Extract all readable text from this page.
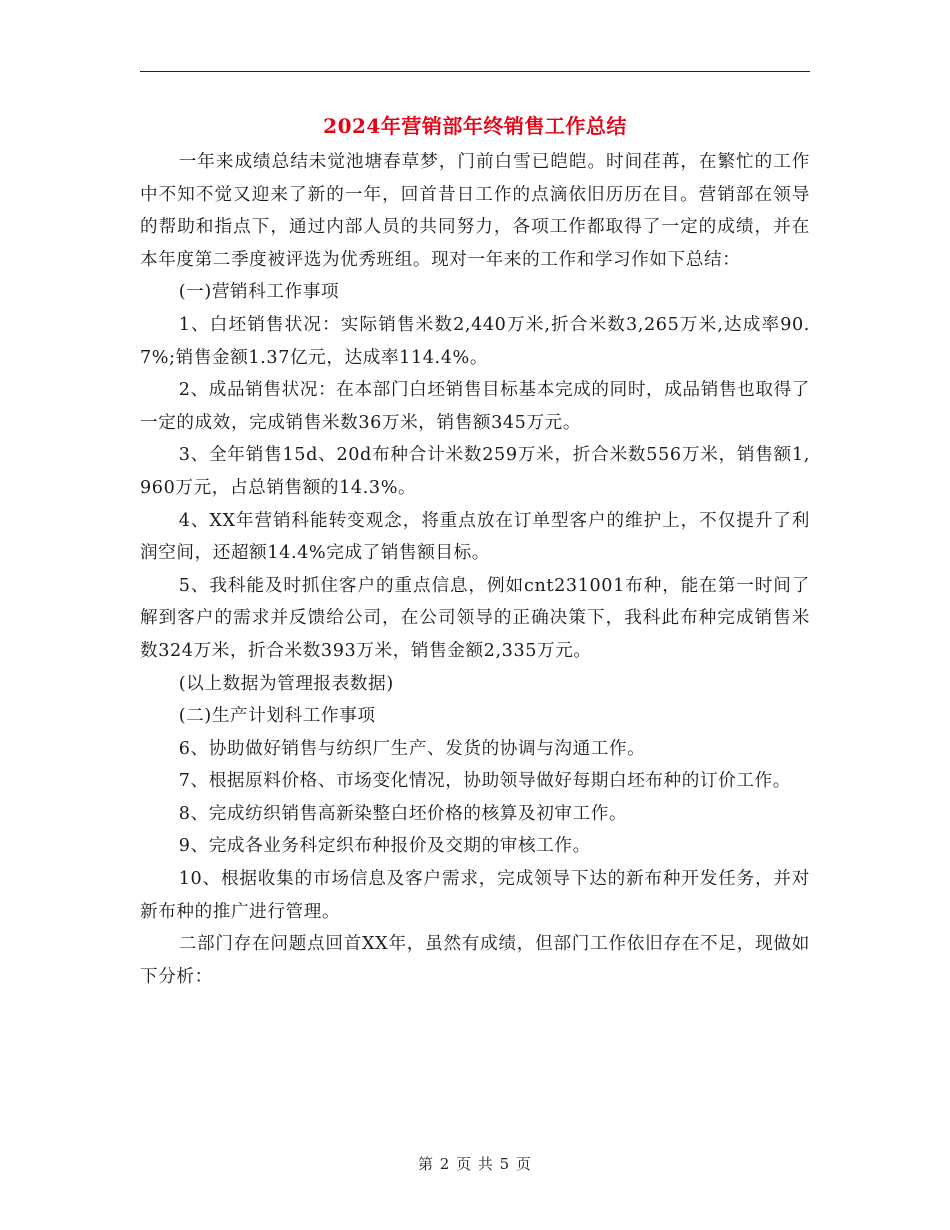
2024年营销部年终销售工作总结

一年来成绩总结未觉池塘春草梦，门前白雪已皑皑。时间荏苒，在繁忙的工作中不知不觉又迎来了新的一年，回首昔日工作的点滴依旧历历在目。营销部在领导的帮助和指点下，通过内部人员的共同努力，各项工作都取得了一定的成绩，并在本年度第二季度被评选为优秀班组。现对一年来的工作和学习作如下总结：

(一)营销科工作事项

1、白坯销售状况：实际销售米数2,440万米,折合米数3,265万米,达成率90.7%;销售金额1.37亿元，达成率114.4%。

2、成品销售状况：在本部门白坯销售目标基本完成的同时，成品销售也取得了一定的成效，完成销售米数36万米，销售额345万元。

3、全年销售15d、20d布种合计米数259万米，折合米数556万米，销售额1,960万元，占总销售额的14.3%。

4、XX年营销科能转变观念，将重点放在订单型客户的维护上，不仅提升了利润空间，还超额14.4%完成了销售额目标。

5、我科能及时抓住客户的重点信息，例如cnt231001布种，能在第一时间了解到客户的需求并反馈给公司，在公司领导的正确决策下，我科此布种完成销售米数324万米，折合米数393万米，销售金额2,335万元。

(以上数据为管理报表数据)

(二)生产计划科工作事项

6、协助做好销售与纺织厂生产、发货的协调与沟通工作。

7、根据原料价格、市场变化情况，协助领导做好每期白坯布种的订价工作。

8、完成纺织销售高新染整白坯价格的核算及初审工作。

9、完成各业务科定织布种报价及交期的审核工作。

10、根据收集的市场信息及客户需求，完成领导下达的新布种开发任务，并对新布种的推广进行管理。

二部门存在问题点回首XX年，虽然有成绩，但部门工作依旧存在不足，现做如下分析：

第 2 页 共 5 页
